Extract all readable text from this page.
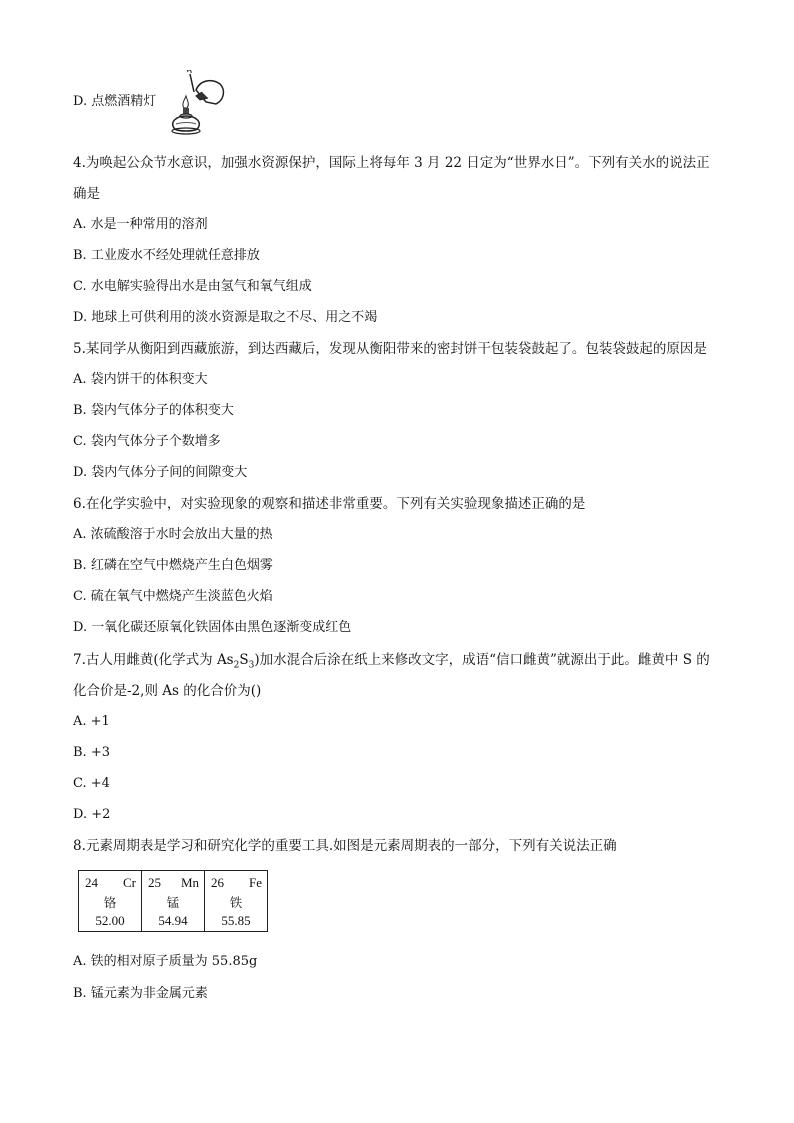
D. 点燃酒精灯
4.为唤起公众节水意识，加强水资源保护，国际上将每年 3 月 22 日定为“世界水日”。下列有关水的说法正
确是
A. 水是一种常用的溶剂
B. 工业废水不经处理就任意排放
C. 水电解实验得出水是由氢气和氧气组成
D. 地球上可供利用的淡水资源是取之不尽、用之不竭
5.某同学从衡阳到西藏旅游，到达西藏后，发现从衡阳带来的密封饼干包装袋鼓起了。包装袋鼓起的原因是
A. 袋内饼干的体积变大
B. 袋内气体分子的体积变大
C. 袋内气体分子个数增多
D. 袋内气体分子间的间隙变大
6.在化学实验中，对实验现象的观察和描述非常重要。下列有关实验现象描述正确的是
A. 浓硫酸溶于水时会放出大量的热
B. 红磷在空气中燃烧产生白色烟雾
C. 硫在氧气中燃烧产生淡蓝色火焰
D. 一氧化碳还原氧化铁固体由黑色逐渐变成红色
7.古人用雌黄(化学式为 $As_2S_3$)加水混合后涂在纸上来修改文字，成语“信口雌黄”就源出于此。雌黄中 S 的
化合价是-2,则 As 的化合价为()
A. +1
B. +3
C. +4
D. +2
8.元素周期表是学习和研究化学的重要工具.如图是元素周期表的一部分，下列有关说法正确
24 Cr
铬
52.00

25 Mn
锰
54.94

26 Fe
铁
55.85
A. 铁的相对原子质量为 55.85g
B. 锰元素为非金属元素
